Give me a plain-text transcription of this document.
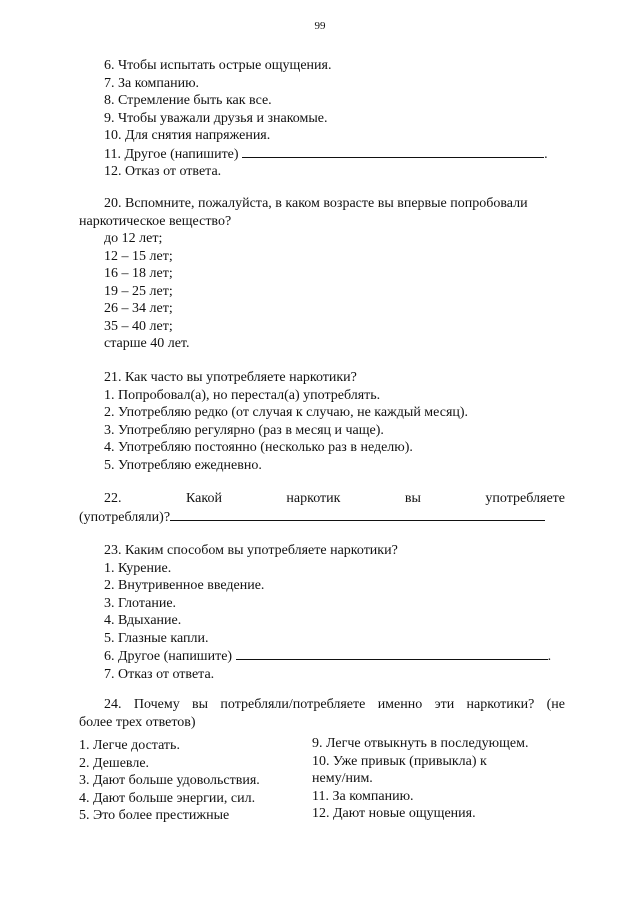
99
6. Чтобы испытать острые ощущения.
7. За компанию.
8. Стремление быть как все.
9. Чтобы уважали друзья и знакомые.
10. Для снятия напряжения.
11. Другое (напишите)	.
12. Отказ от ответа.
20. Вспомните, пожалуйста, в каком возрасте вы впервые попробовали
наркотическое вещество?
до 12 лет;
12 – 15 лет;
16 – 18 лет;
19 – 25 лет;
26 – 34 лет;
35 – 40 лет;
старше 40 лет.
21. Как часто вы употребляете наркотики?
1. Попробовал(а), но перестал(а) употреблять.
2. Употребляю редко (от случая к случаю, не каждый месяц).
3. Употребляю регулярно (раз в месяц и чаще).
4. Употребляю постоянно (несколько раз в неделю).
5. Употребляю ежедневно.
22. Какой наркотик вы употребляете
(употребляли)?
23. Каким способом вы употребляете наркотики?
1. Курение.
2. Внутривенное введение.
3. Глотание.
4. Вдыхание.
5. Глазные капли.
6. Другое (напишите)	.
7. Отказ от ответа.
24. Почему вы потребляли/потребляете именно эти наркотики? (не
более трех ответов)
1. Легче достать.
2. Дешевле.
3. Дают больше удовольствия.
4. Дают больше энергии, сил.
5. Это более престижные
9. Легче отвыкнуть в последующем.
10. Уже привык (привыкла) к
нему/ним.
11. За компанию.
12. Дают новые ощущения.
